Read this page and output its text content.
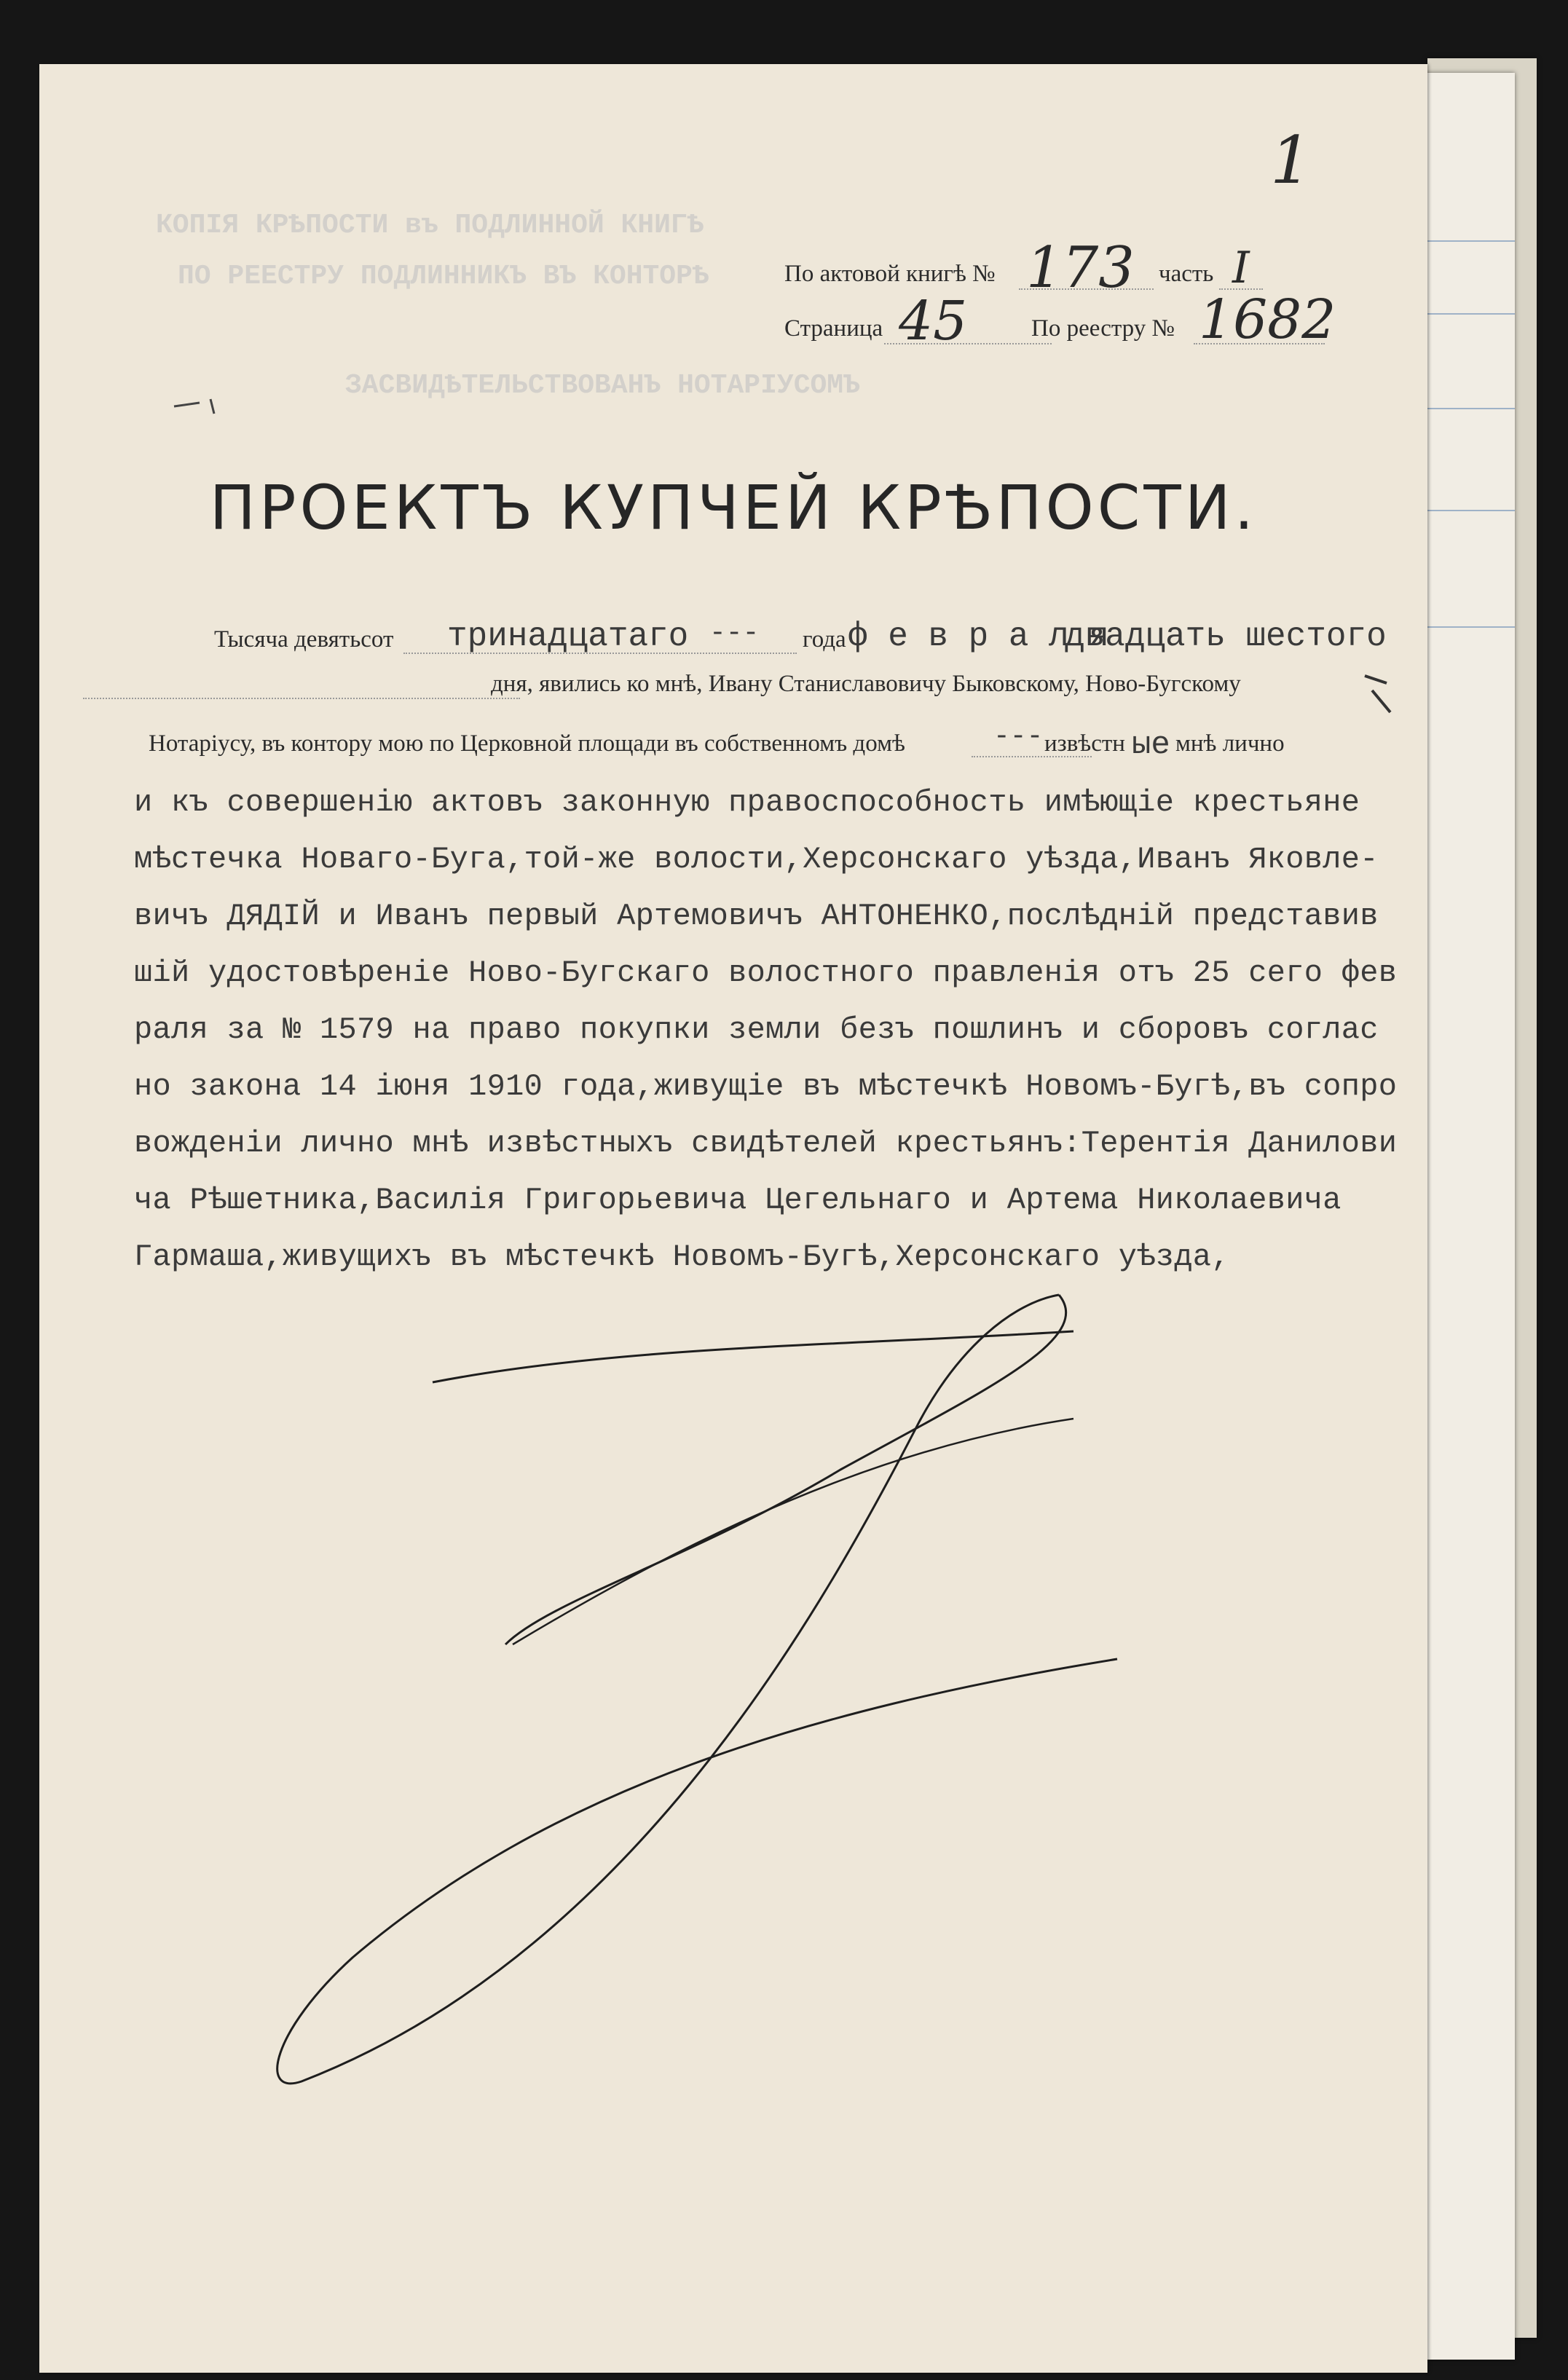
КОПІЯ КРѢПОСТИ въ ПОДЛИННОЙ КНИГѢ
ПО РЕЕСТРУ ПОДЛИННИКЪ ВЪ КОНТОРѢ
ЗАСВИДѢТЕЛЬСТВОВАНЪ НОТАРІУСОМЪ
1
По актовой книгѣ № 173 часть I
Страница 45	По реестру № 1682
ПРОЕКТЪ КУПЧЕЙ КРѢПОСТИ.
Тысяча девятьсот тринадцатаго --- года ф е в р а л я
двадцать шестого
дня, явились ко мнѣ, Ивану Станиславовичу Быковскому, Ново-Бугскому
Нотаріусу, въ контору мою по Церковной площади въ собственномъ домѣ	--- извѣстн ые мнѣ лично
и къ совершенію актовъ законную правоспособность имѣющіе крестьяне
мѣстечка Новаго-Буга,той-же волости,Херсонскаго уѣзда,Иванъ Яковле-
вичъ ДЯДІЙ и Иванъ первый Артемовичъ АНТОНЕНКО,послѣдній представив
шій удостовѣреніе Ново-Бугскаго волостного правленія отъ 25 сего фев
раля за № 1579 на право покупки земли безъ пошлинъ и сборовъ соглас
но закона 14 іюня 1910 года,живущіе въ мѣстечкѣ Новомъ-Бугѣ,въ сопро
вожденіи лично мнѣ извѣстныхъ свидѣтелей крестьянъ:Терентія Данилови
ча Рѣшетника,Василія Григорьевича Цегельнаго и Артема Николаевича
Гармаша,живущихъ въ мѣстечкѣ Новомъ-Бугѣ,Херсонскаго уѣзда,
